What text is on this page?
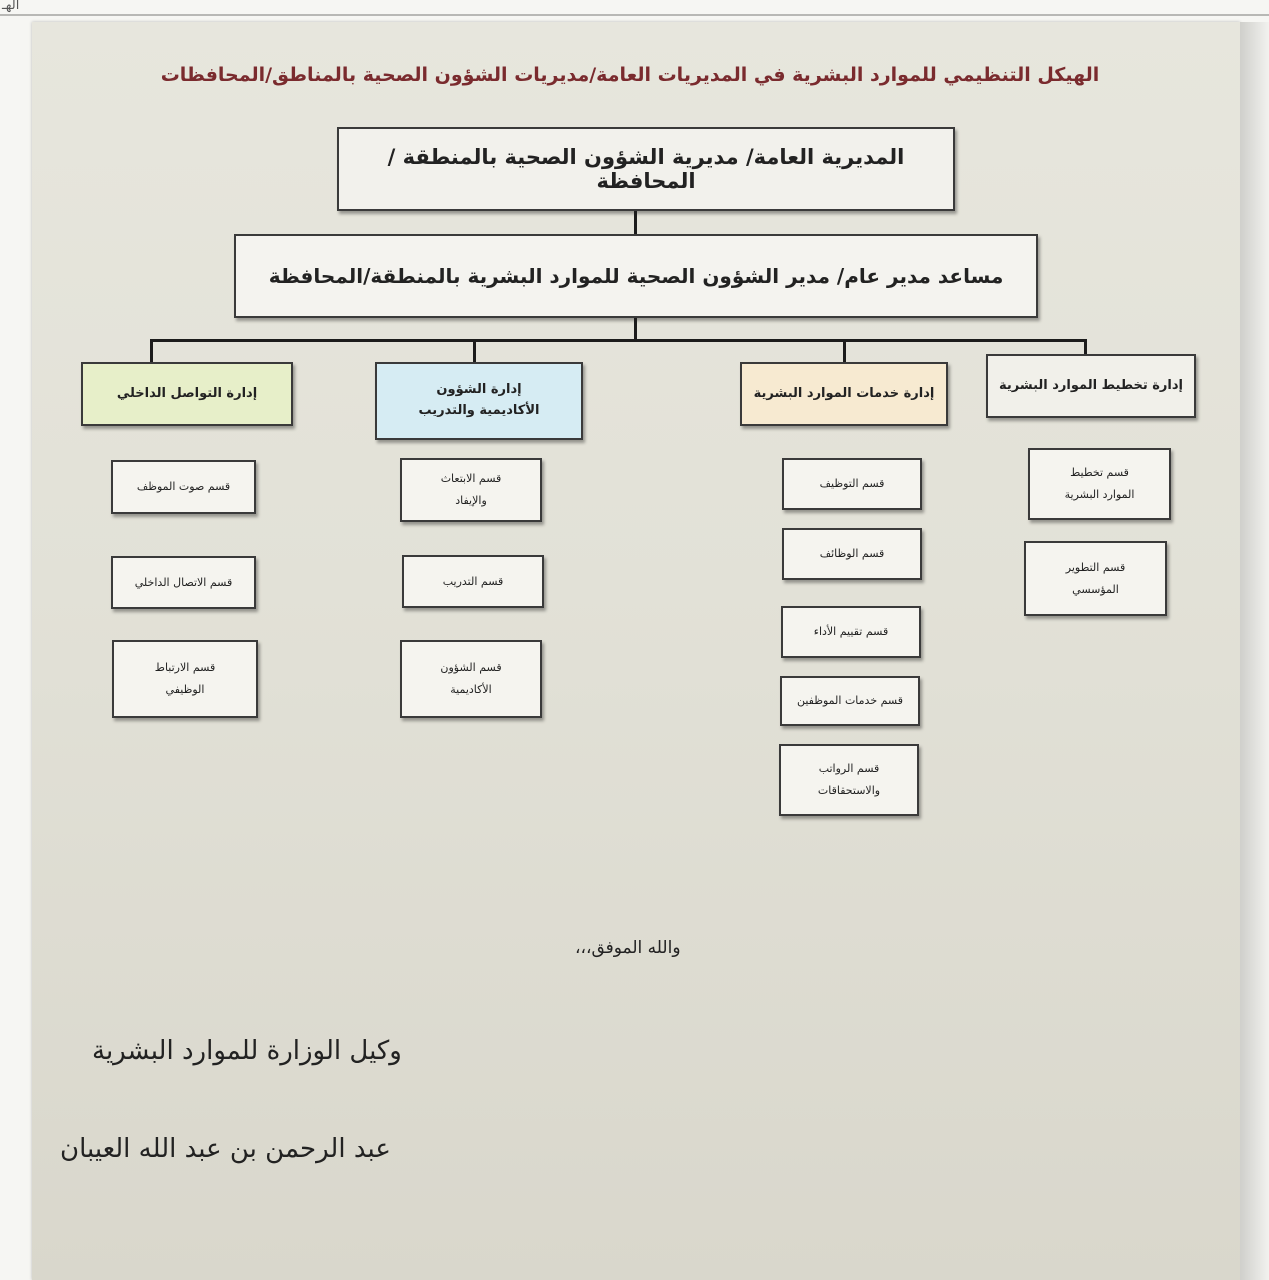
الهـ
الهيكل التنظيمي للموارد البشرية في المديريات العامة/مديريات الشؤون الصحية بالمناطق/المحافظات
المديرية العامة/ مديرية الشؤون الصحية بالمنطقة / المحافظة
مساعد مدير عام/ مدير الشؤون الصحية للموارد البشرية بالمنطقة/المحافظة
إدارة تخطيط الموارد البشرية
إدارة خدمات الموارد البشرية
إدارة الشؤون الأكاديمية والتدريب
إدارة التواصل الداخلي
قسم تخطيط الموارد البشرية
قسم التطوير المؤسسي
قسم التوظيف
قسم الوظائف
قسم تقييم الأداء
قسم خدمات الموظفين
قسم الرواتب والاستحقاقات
قسم الابتعاث والإيفاد
قسم التدريب
قسم الشؤون الأكاديمية
قسم صوت الموظف
قسم الاتصال الداخلي
قسم الارتباط الوظيفي
والله الموفق،،،
وكيل الوزارة للموارد البشرية
عبد الرحمن بن عبد الله العيبان
